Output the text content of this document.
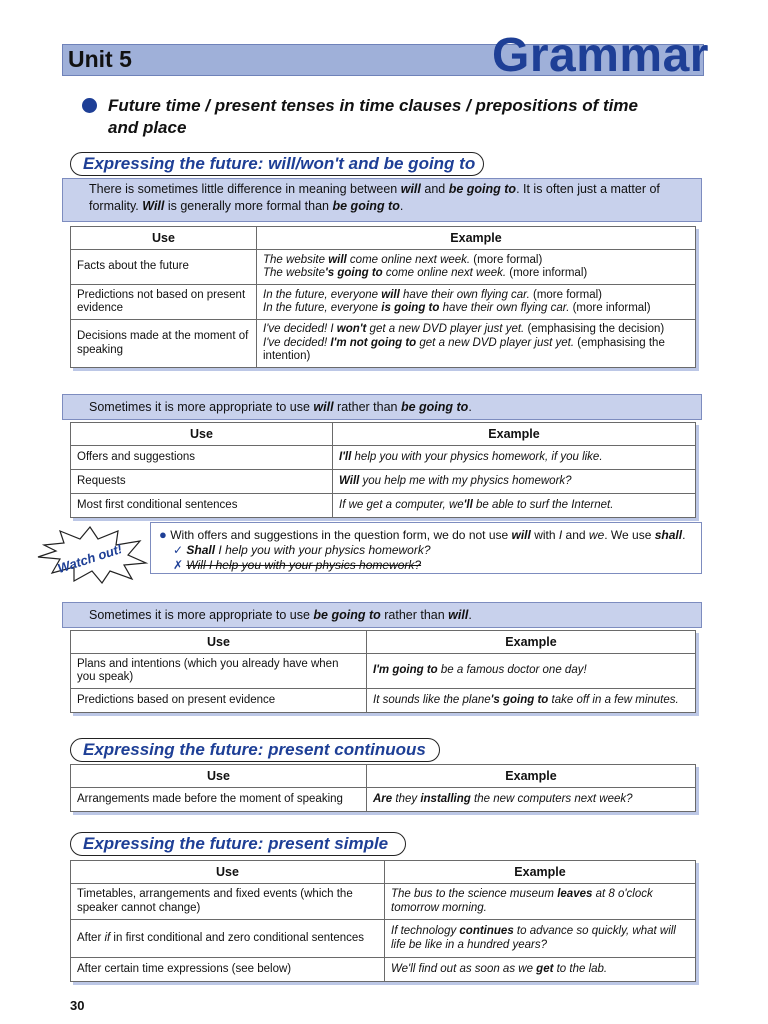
Unit 5	Grammar
Future time / present tenses in time clauses / prepositions of time
and place
Expressing the future: will/won't and be going to
There is sometimes little difference in meaning between will and be going to. It is often just a matter of formality. Will is generally more formal than be going to.
Use	Example
Facts about the future	The website will come online next week. (more formal)
The website's going to come online next week. (more informal)
Predictions not based on present evidence	In the future, everyone will have their own flying car. (more formal)
In the future, everyone is going to have their own flying car. (more informal)
Decisions made at the moment of speaking	I've decided! I won't get a new DVD player just yet. (emphasising the decision)
I've decided! I'm not going to get a new DVD player just yet. (emphasising the intention)
Sometimes it is more appropriate to use will rather than be going to.
Use	Example
Offers and suggestions	I'll help you with your physics homework, if you like.
Requests	Will you help me with my physics homework?
Most first conditional sentences	If we get a computer, we'll be able to surf the Internet.
Watch out!
● With offers and suggestions in the question form, we do not use will with I and we. We use shall.
✓ Shall I help you with your physics homework?
✗ Will I help you with your physics homework?
Sometimes it is more appropriate to use be going to rather than will.
Use	Example
Plans and intentions (which you already have when you speak)	I'm going to be a famous doctor one day!
Predictions based on present evidence	It sounds like the plane's going to take off in a few minutes.
Expressing the future: present continuous
Use	Example
Arrangements made before the moment of speaking	Are they installing the new computers next week?
Expressing the future: present simple
Use	Example
Timetables, arrangements and fixed events (which the speaker cannot change)	The bus to the science museum leaves at 8 o'clock tomorrow morning.
After if in first conditional and zero conditional sentences	If technology continues to advance so quickly, what will life be like in a hundred years?
After certain time expressions (see below)	We'll find out as soon as we get to the lab.
30
